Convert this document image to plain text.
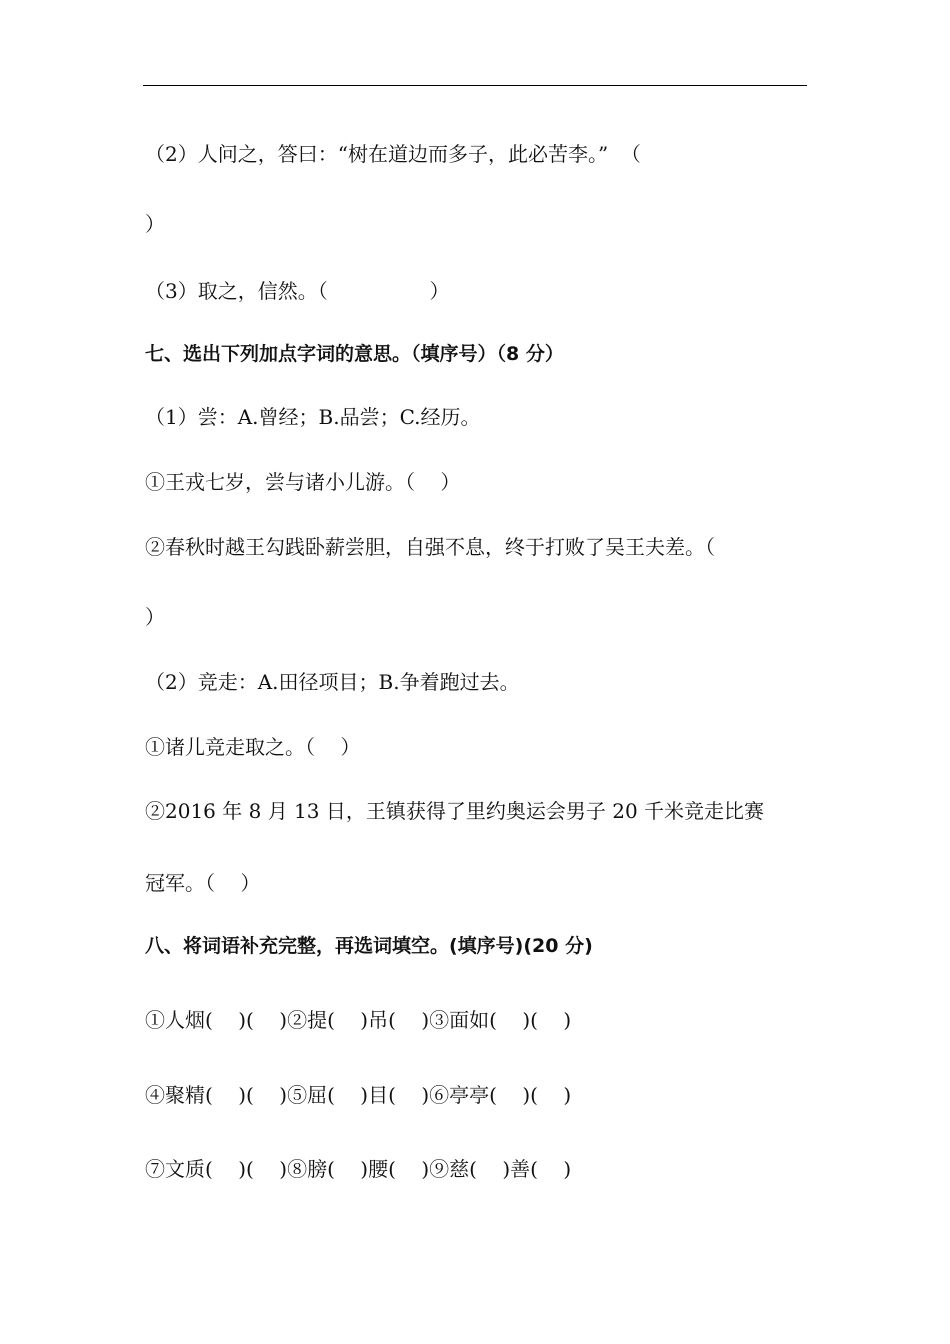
（2）人问之，答曰：“树在道边而多子，此必苦李。”  （
）
（3）取之，信然。（                ）
七、选出下列加点字词的意思。（填序号）（8 分）
（1）尝：A.曾经；B.品尝；C.经历。
①王戎七岁，尝与诸小儿游。（    ）
②春秋时越王勾践卧薪尝胆，自强不息，终于打败了吴王夫差。（
）
（2）竞走：A.田径项目；B.争着跑过去。
①诸儿竞走取之。（    ）
②2016 年 8 月 13 日，王镇获得了里约奥运会男子 20 千米竞走比赛
冠军。（    ）
八、将词语补充完整，再选词填空。(填序号)(20 分)
①人烟(    )(    )②提(    )吊(    )③面如(    )(    )
④聚精(    )(    )⑤屈(    )目(    )⑥亭亭(    )(    )
⑦文质(    )(    )⑧膀(    )腰(    )⑨慈(    )善(    )
